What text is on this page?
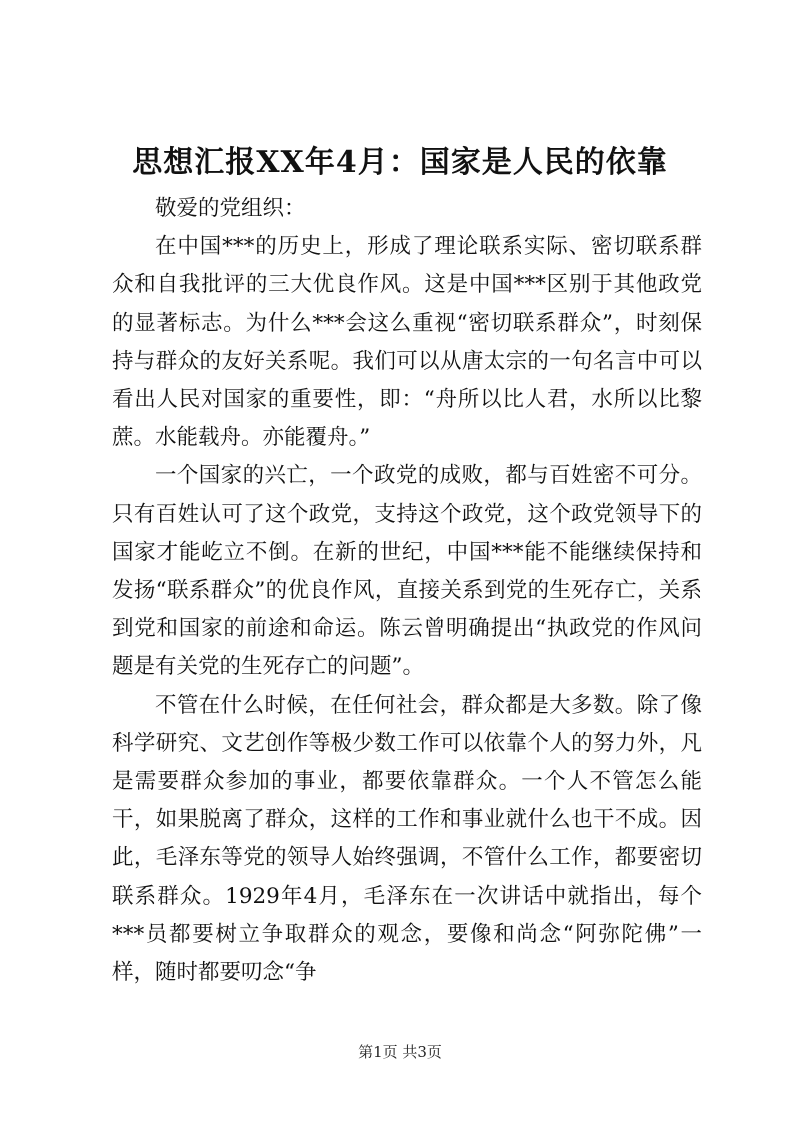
思想汇报XX年4月：国家是人民的依靠

敬爱的党组织：

在中国***的历史上，形成了理论联系实际、密切联系群众和自我批评的三大优良作风。这是中国***区别于其他政党的显著标志。为什么***会这么重视“密切联系群众”，时刻保持与群众的友好关系呢。我们可以从唐太宗的一句名言中可以看出人民对国家的重要性，即：“舟所以比人君，水所以比黎蔗。水能载舟。亦能覆舟。”

一个国家的兴亡，一个政党的成败，都与百姓密不可分。只有百姓认可了这个政党，支持这个政党，这个政党领导下的国家才能屹立不倒。在新的世纪，中国***能不能继续保持和发扬“联系群众”的优良作风，直接关系到党的生死存亡，关系到党和国家的前途和命运。陈云曾明确提出“执政党的作风问题是有关党的生死存亡的问题”。

不管在什么时候，在任何社会，群众都是大多数。除了像科学研究、文艺创作等极少数工作可以依靠个人的努力外，凡是需要群众参加的事业，都要依靠群众。一个人不管怎么能干，如果脱离了群众，这样的工作和事业就什么也干不成。因此，毛泽东等党的领导人始终强调，不管什么工作，都要密切联系群众。1929年4月，毛泽东在一次讲话中就指出，每个***员都要树立争取群众的观念，要像和尚念“阿弥陀佛”一样，随时都要叨念“争

第1页 共3页
